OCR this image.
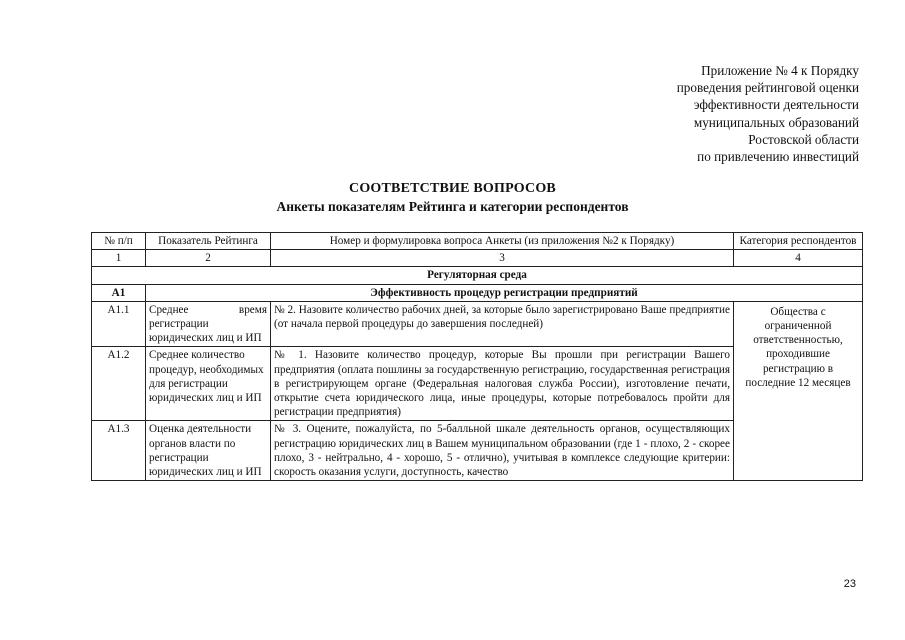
Приложение № 4 к Порядку
проведения рейтинговой оценки
эффективности деятельности
муниципальных образований
Ростовской области
по привлечению инвестиций
СООТВЕТСТВИЕ ВОПРОСОВ
Анкеты показателям Рейтинга и категории респондентов
№ п/п	Показатель Рейтинга	Номер и формулировка вопроса Анкеты (из приложения №2 к Порядку)	Категория респондентов
1	2	3	4
Регуляторная среда			
А1	Эффективность процедур регистрации предприятий		
А1.1	Среднее время регистрации юридических лиц и ИП	№ 2. Назовите количество рабочих дней, за которые было зарегистрировано Ваше предприятие (от начала первой процедуры до завершения последней)	Общества с ограниченной ответственностью, проходившие регистрацию в последние 12 месяцев
А1.2	Среднее количество процедур, необходимых для регистрации юридических лиц и ИП	№ 1. Назовите количество процедур, которые Вы прошли при регистрации Вашего предприятия (оплата пошлины за государственную регистрацию, государственная регистрация в регистрирующем органе (Федеральная налоговая служба России), изготовление печати, открытие счета юридического лица, иные процедуры, которые потребовалось пройти для регистрации предприятия)	
А1.3	Оценка деятельности органов власти по регистрации юридических лиц и ИП	№ 3. Оцените, пожалуйста, по 5-балльной шкале деятельность органов, осуществляющих регистрацию юридических лиц в Вашем муниципальном образовании (где 1 - плохо, 2 - скорее плохо, 3 - нейтрально, 4 - хорошо, 5 - отлично), учитывая в комплексе следующие критерии: скорость оказания услуги, доступность, качество	
23
